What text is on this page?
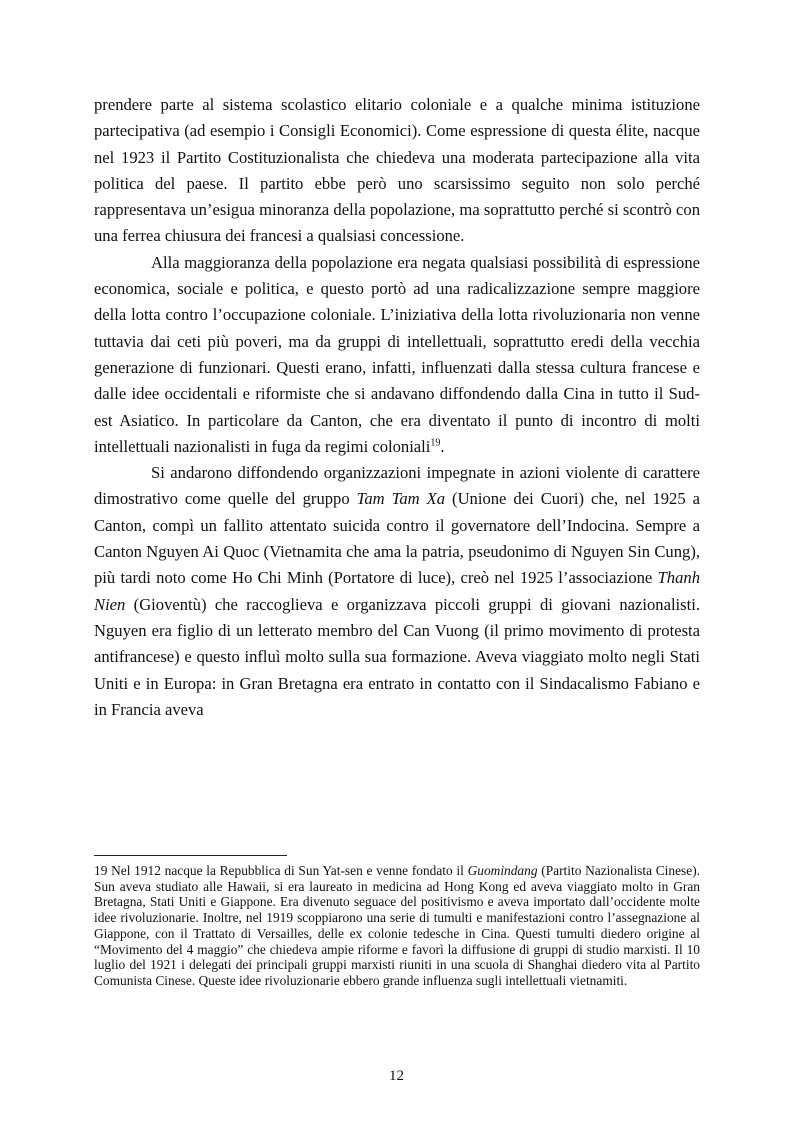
prendere parte al sistema scolastico elitario coloniale e a qualche minima istituzione partecipativa (ad esempio i Consigli Economici). Come espressione di questa élite, nacque nel 1923 il Partito Costituzionalista che chiedeva una moderata partecipazione alla vita politica del paese. Il partito ebbe però uno scarsissimo seguito non solo perché rappresentava un’esigua minoranza della popolazione, ma soprattutto perché si scontrò con una ferrea chiusura dei francesi a qualsiasi concessione.

Alla maggioranza della popolazione era negata qualsiasi possibilità di espressione economica, sociale e politica, e questo portò ad una radicalizzazione sempre maggiore della lotta contro l’occupazione coloniale. L’iniziativa della lotta rivoluzionaria non venne tuttavia dai ceti più poveri, ma da gruppi di intellettuali, soprattutto eredi della vecchia generazione di funzionari. Questi erano, infatti, influenzati dalla stessa cultura francese e dalle idee occidentali e riformiste che si andavano diffondendo dalla Cina in tutto il Sud-est Asiatico. In particolare da Canton, che era diventato il punto di incontro di molti intellettuali nazionalisti in fuga da regimi coloniali$^{19}$.

Si andarono diffondendo organizzazioni impegnate in azioni violente di carattere dimostrativo come quelle del gruppo Tam Tam Xa (Unione dei Cuori) che, nel 1925 a Canton, compì un fallito attentato suicida contro il governatore dell’Indocina. Sempre a Canton Nguyen Ai Quoc (Vietnamita che ama la patria, pseudonimo di Nguyen Sin Cung), più tardi noto come Ho Chi Minh (Portatore di luce), creò nel 1925 l’associazione Thanh Nien (Gioventù) che raccoglieva e organizzava piccoli gruppi di giovani nazionalisti. Nguyen era figlio di un letterato membro del Can Vuong (il primo movimento di protesta antifrancese) e questo influì molto sulla sua formazione. Aveva viaggiato molto negli Stati Uniti e in Europa: in Gran Bretagna era entrato in contatto con il Sindacalismo Fabiano e in Francia aveva

19 Nel 1912 nacque la Repubblica di Sun Yat-sen e venne fondato il Guomindang (Partito Nazionalista Cinese). Sun aveva studiato alle Hawaii, si era laureato in medicina ad Hong Kong ed aveva viaggiato molto in Gran Bretagna, Stati Uniti e Giappone. Era divenuto seguace del positivismo e aveva importato dall’occidente molte idee rivoluzionarie. Inoltre, nel 1919 scoppiarono una serie di tumulti e manifestazioni contro l’assegnazione al Giappone, con il Trattato di Versailles, delle ex colonie tedesche in Cina. Questi tumulti diedero origine al “Movimento del 4 maggio” che chiedeva ampie riforme e favorì la diffusione di gruppi di studio marxisti. Il 10 luglio del 1921 i delegati dei principali gruppi marxisti riuniti in una scuola di Shanghai diedero vita al Partito Comunista Cinese. Queste idee rivoluzionarie ebbero grande influenza sugli intellettuali vietnamiti.

12
